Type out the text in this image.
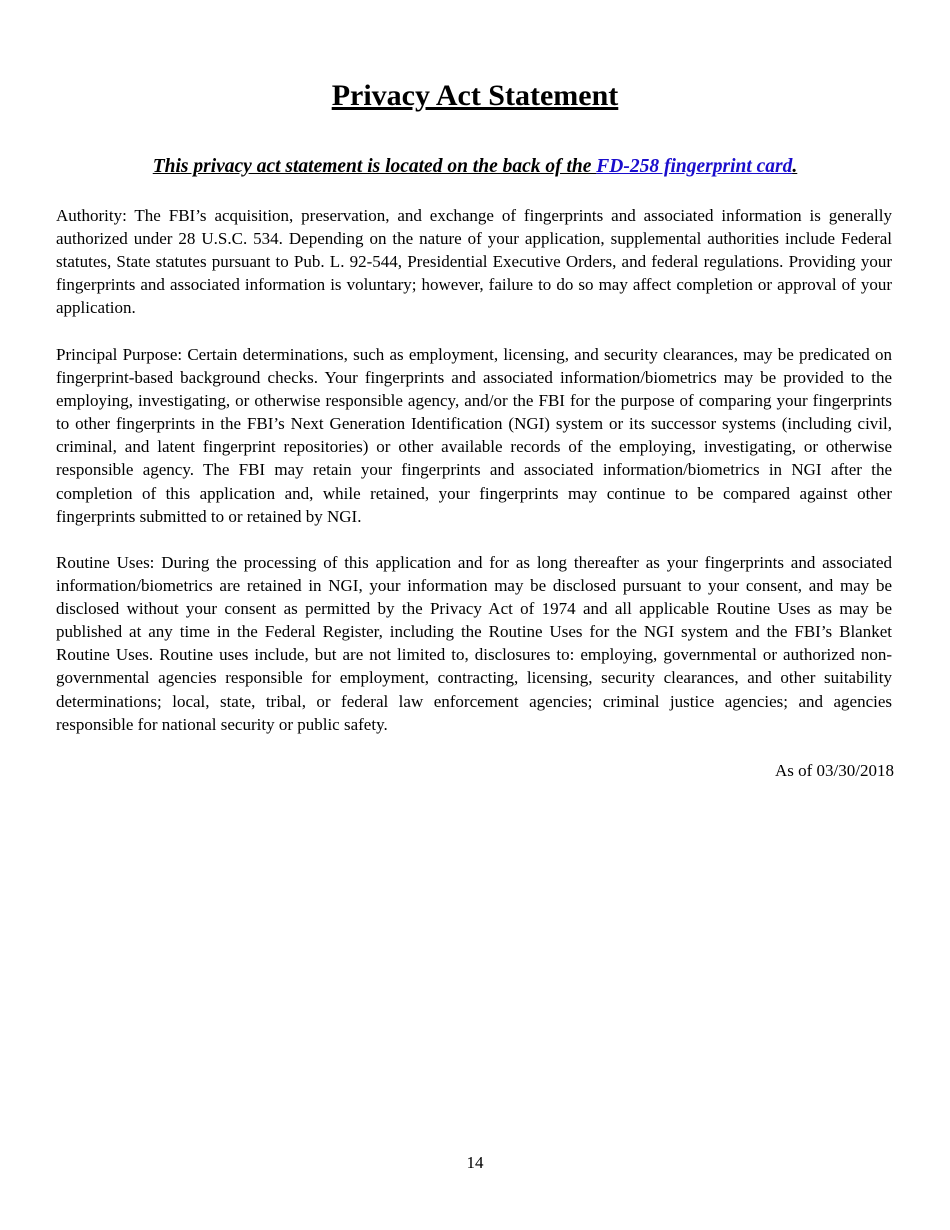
Privacy Act Statement

This privacy act statement is located on the back of the FD-258 fingerprint card.

Authority: The FBI’s acquisition, preservation, and exchange of fingerprints and associated information is generally authorized under 28 U.S.C. 534. Depending on the nature of your application, supplemental authorities include Federal statutes, State statutes pursuant to Pub. L. 92-544, Presidential Executive Orders, and federal regulations. Providing your fingerprints and associated information is voluntary; however, failure to do so may affect completion or approval of your application.

Principal Purpose: Certain determinations, such as employment, licensing, and security clearances, may be predicated on fingerprint-based background checks. Your fingerprints and associated information/biometrics may be provided to the employing, investigating, or otherwise responsible agency, and/or the FBI for the purpose of comparing your fingerprints to other fingerprints in the FBI’s Next Generation Identification (NGI) system or its successor systems (including civil, criminal, and latent fingerprint repositories) or other available records of the employing, investigating, or otherwise responsible agency. The FBI may retain your fingerprints and associated information/biometrics in NGI after the completion of this application and, while retained, your fingerprints may continue to be compared against other fingerprints submitted to or retained by NGI.

Routine Uses: During the processing of this application and for as long thereafter as your fingerprints and associated information/biometrics are retained in NGI, your information may be disclosed pursuant to your consent, and may be disclosed without your consent as permitted by the Privacy Act of 1974 and all applicable Routine Uses as may be published at any time in the Federal Register, including the Routine Uses for the NGI system and the FBI’s Blanket Routine Uses. Routine uses include, but are not limited to, disclosures to: employing, governmental or authorized non-governmental agencies responsible for employment, contracting, licensing, security clearances, and other suitability determinations; local, state, tribal, or federal law enforcement agencies; criminal justice agencies; and agencies responsible for national security or public safety.

As of 03/30/2018

14
